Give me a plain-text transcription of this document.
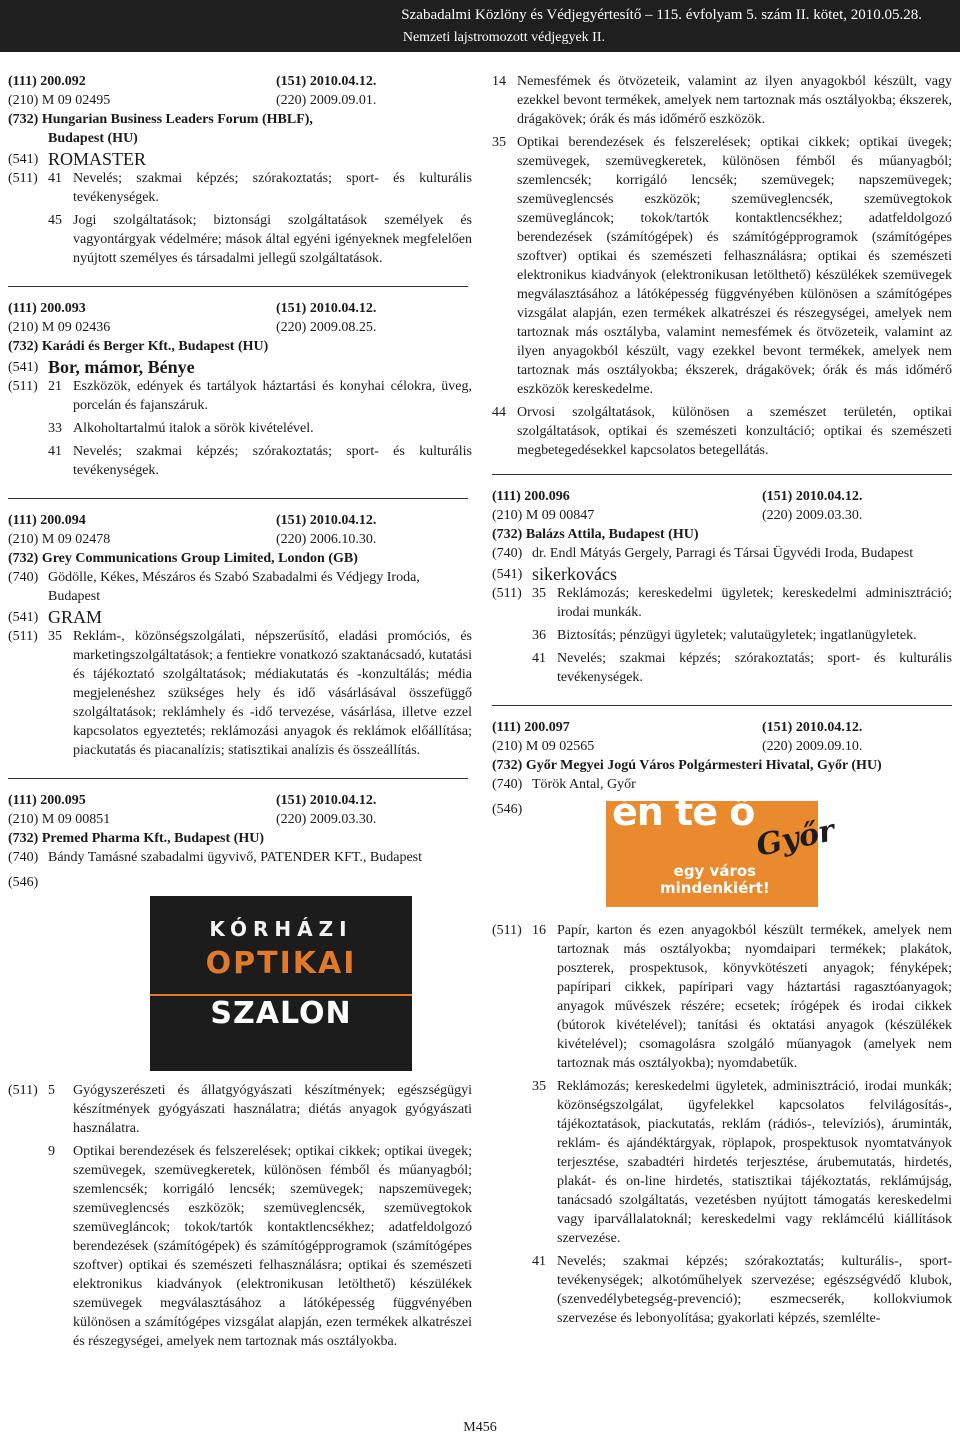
Szabadalmi Közlöny és Védjegyértesítő – 115. évfolyam 5. szám II. kötet, 2010.05.28.
Nemzeti lajstromozott védjegyek II.
(111) 200.092	(151) 2010.04.12.
(210) M 09 02495	(220) 2009.09.01.
(732) Hungarian Business Leaders Forum (HBLF),
Budapest (HU)
(541) ROMASTER
(511) 41 Nevelés; szakmai képzés; szórakoztatás; sport- és kulturális tevékenységek.
45 Jogi szolgáltatások; biztonsági szolgáltatások személyek és vagyontárgyak védelmére; mások által egyéni igényeknek megfelelően nyújtott személyes és társadalmi jellegű szolgáltatások.
(111) 200.093	(151) 2010.04.12.
(210) M 09 02436	(220) 2009.08.25.
(732) Karádi és Berger Kft., Budapest (HU)
(541) Bor, mámor, Bénye
(511) 21 Eszközök, edények és tartályok háztartási és konyhai célokra, üveg, porcelán és fajanszáruk.
33 Alkoholtartalmú italok a sörök kivételével.
41 Nevelés; szakmai képzés; szórakoztatás; sport- és kulturális tevékenységek.
(111) 200.094	(151) 2010.04.12.
(210) M 09 02478	(220) 2006.10.30.
(732) Grey Communications Group Limited, London (GB)
(740) Gödölle, Kékes, Mészáros és Szabó Szabadalmi és Védjegy Iroda, Budapest
(541) GRAM
(511) 35 Reklám-, közönségszolgálati, népszerűsítő, eladási promóciós, és marketingszolgáltatások; a fentiekre vonatkozó szaktanácsadó, kutatási és tájékoztató szolgáltatások; médiakutatás és -konzultálás; média megjelenéshez szükséges hely és idő vásárlásával összefüggő szolgáltatások; reklámhely és -idő tervezése, vásárlása, illetve ezzel kapcsolatos egyeztetés; reklámozási anyagok és reklámok előállítása; piackutatás és piacanalízis; statisztikai analízis és összeállítás.
(111) 200.095	(151) 2010.04.12.
(210) M 09 00851	(220) 2009.03.30.
(732) Premed Pharma Kft., Budapest (HU)
(740) Bándy Tamásné szabadalmi ügyvivő, PATENDER KFT., Budapest
(546)
KÓRHÁZI
OPTIKAI
SZALON
(511) 5	Gyógyszerészeti és állatgyógyászati készítmények; egészségügyi készítmények gyógyászati használatra; diétás anyagok gyógyászati használatra.
9	Optikai berendezések és felszerelések; optikai cikkek; optikai üvegek; szemüvegek, szemüvegkeretek, különösen fémből és műanyagból; szemlencsék; korrigáló lencsék; szemüvegek; napszemüvegek; szemüveglencsés eszközök; szemüveglencsék, szemüvegtokok szemüvegláncok; tokok/tartók kontaktlencsékhez; adatfeldolgozó berendezések (számítógépek) és számítógépprogramok (számítógépes szoftver) optikai és szemészeti felhasználásra; optikai és szemészeti elektronikus kiadványok (elektronikusan letölthető) készülékek szemüvegek megválasztásához a látóképesség függvényében különösen a számítógépes vizsgálat alapján, ezen termékek alkatrészei és részegységei, amelyek nem tartoznak más osztályokba.
14 Nemesfémek és ötvözeteik, valamint az ilyen anyagokból készült, vagy ezekkel bevont termékek, amelyek nem tartoznak más osztályokba; ékszerek, drágakövek; órák és más időmérő eszközök.
35 Optikai berendezések és felszerelések; optikai cikkek; optikai üvegek; szemüvegek, szemüvegkeretek, különösen fémből és műanyagból; szemlencsék; korrigáló lencsék; szemüvegek; napszemüvegek; szemüveglencsés eszközök; szemüveglencsék, szemüvegtokok szemüvegláncok; tokok/tartók kontaktlencsékhez; adatfeldolgozó berendezések (számítógépek) és számítógépprogramok (számítógépes szoftver) optikai és szemészeti felhasználásra; optikai és szemészeti elektronikus kiadványok (elektronikusan letölthető) készülékek szemüvegek megválasztásához a látóképesség függvényében különösen a számítógépes vizsgálat alapján, ezen termékek alkatrészei és részegységei, amelyek nem tartoznak más osztályba, valamint nemesfémek és ötvözeteik, valamint az ilyen anyagokból készült, vagy ezekkel bevont termékek, amelyek nem tartoznak más osztályokba; ékszerek, drágakövek; órák és más időmérő eszközök kereskedelme.
44 Orvosi szolgáltatások, különösen a szemészet területén, optikai szolgáltatások, optikai és szemészeti konzultáció; optikai és szemészeti megbetegedésekkel kapcsolatos betegellátás.
(111) 200.096	(151) 2010.04.12.
(210) M 09 00847	(220) 2009.03.30.
(732) Balázs Attila, Budapest (HU)
(740) dr. Endl Mátyás Gergely, Parragi és Társai Ügyvédi Iroda, Budapest
(541) sikerkovács
(511) 35 Reklámozás; kereskedelmi ügyletek; kereskedelmi adminisztráció; irodai munkák.
36 Biztosítás; pénzügyi ügyletek; valutaügyletek; ingatlanügyletek.
41 Nevelés; szakmai képzés; szórakoztatás; sport- és kulturális tevékenységek.
(111) 200.097	(151) 2010.04.12.
(210) M 09 02565	(220) 2009.09.10.
(732) Győr Megyei Jogú Város Polgármesteri Hivatal, Győr (HU)
(740) Török Antal, Győr
(546)	én te ő
Győr
egy város
mindenkiért!
(511) 16 Papír, karton és ezen anyagokból készült termékek, amelyek nem tartoznak más osztályokba; nyomdaipari termékek; plakátok, poszterek, prospektusok, könyvkötészeti anyagok; fényképek; papíripari cikkek, papíripari vagy háztartási ragasztóanyagok; anyagok művészek részére; ecsetek; írógépek és irodai cikkek (bútorok kivételével); tanítási és oktatási anyagok (készülékek kivételével); csomagolásra szolgáló műanyagok (amelyek nem tartoznak más osztályokba); nyomdabetűk.
35 Reklámozás; kereskedelmi ügyletek, adminisztráció, irodai munkák; közönségszolgálat, ügyfelekkel kapcsolatos felvilágosítás-, tájékoztatások, piackutatás, reklám (rádiós-, televíziós), áruminták, reklám- és ajándéktárgyak, röplapok, prospektusok nyomtatványok terjesztése, szabadtéri hirdetés terjesztése, árubemutatás, hirdetés, plakát- és on-line hirdetés, statisztikai tájékoztatás, reklámújság, tanácsadó szolgáltatás, vezetésben nyújtott támogatás kereskedelmi vagy iparvállalatoknál; kereskedelmi vagy reklámcélú kiállítások szervezése.
41 Nevelés; szakmai képzés; szórakoztatás; kulturális-, sport-tevékenységek; alkotóműhelyek szervezése; egészségvédő klubok, (szenvedélybetegség-prevenció); eszmecserék, kollokviumok szervezése és lebonyolítása; gyakorlati képzés, szemlélte-
M456
